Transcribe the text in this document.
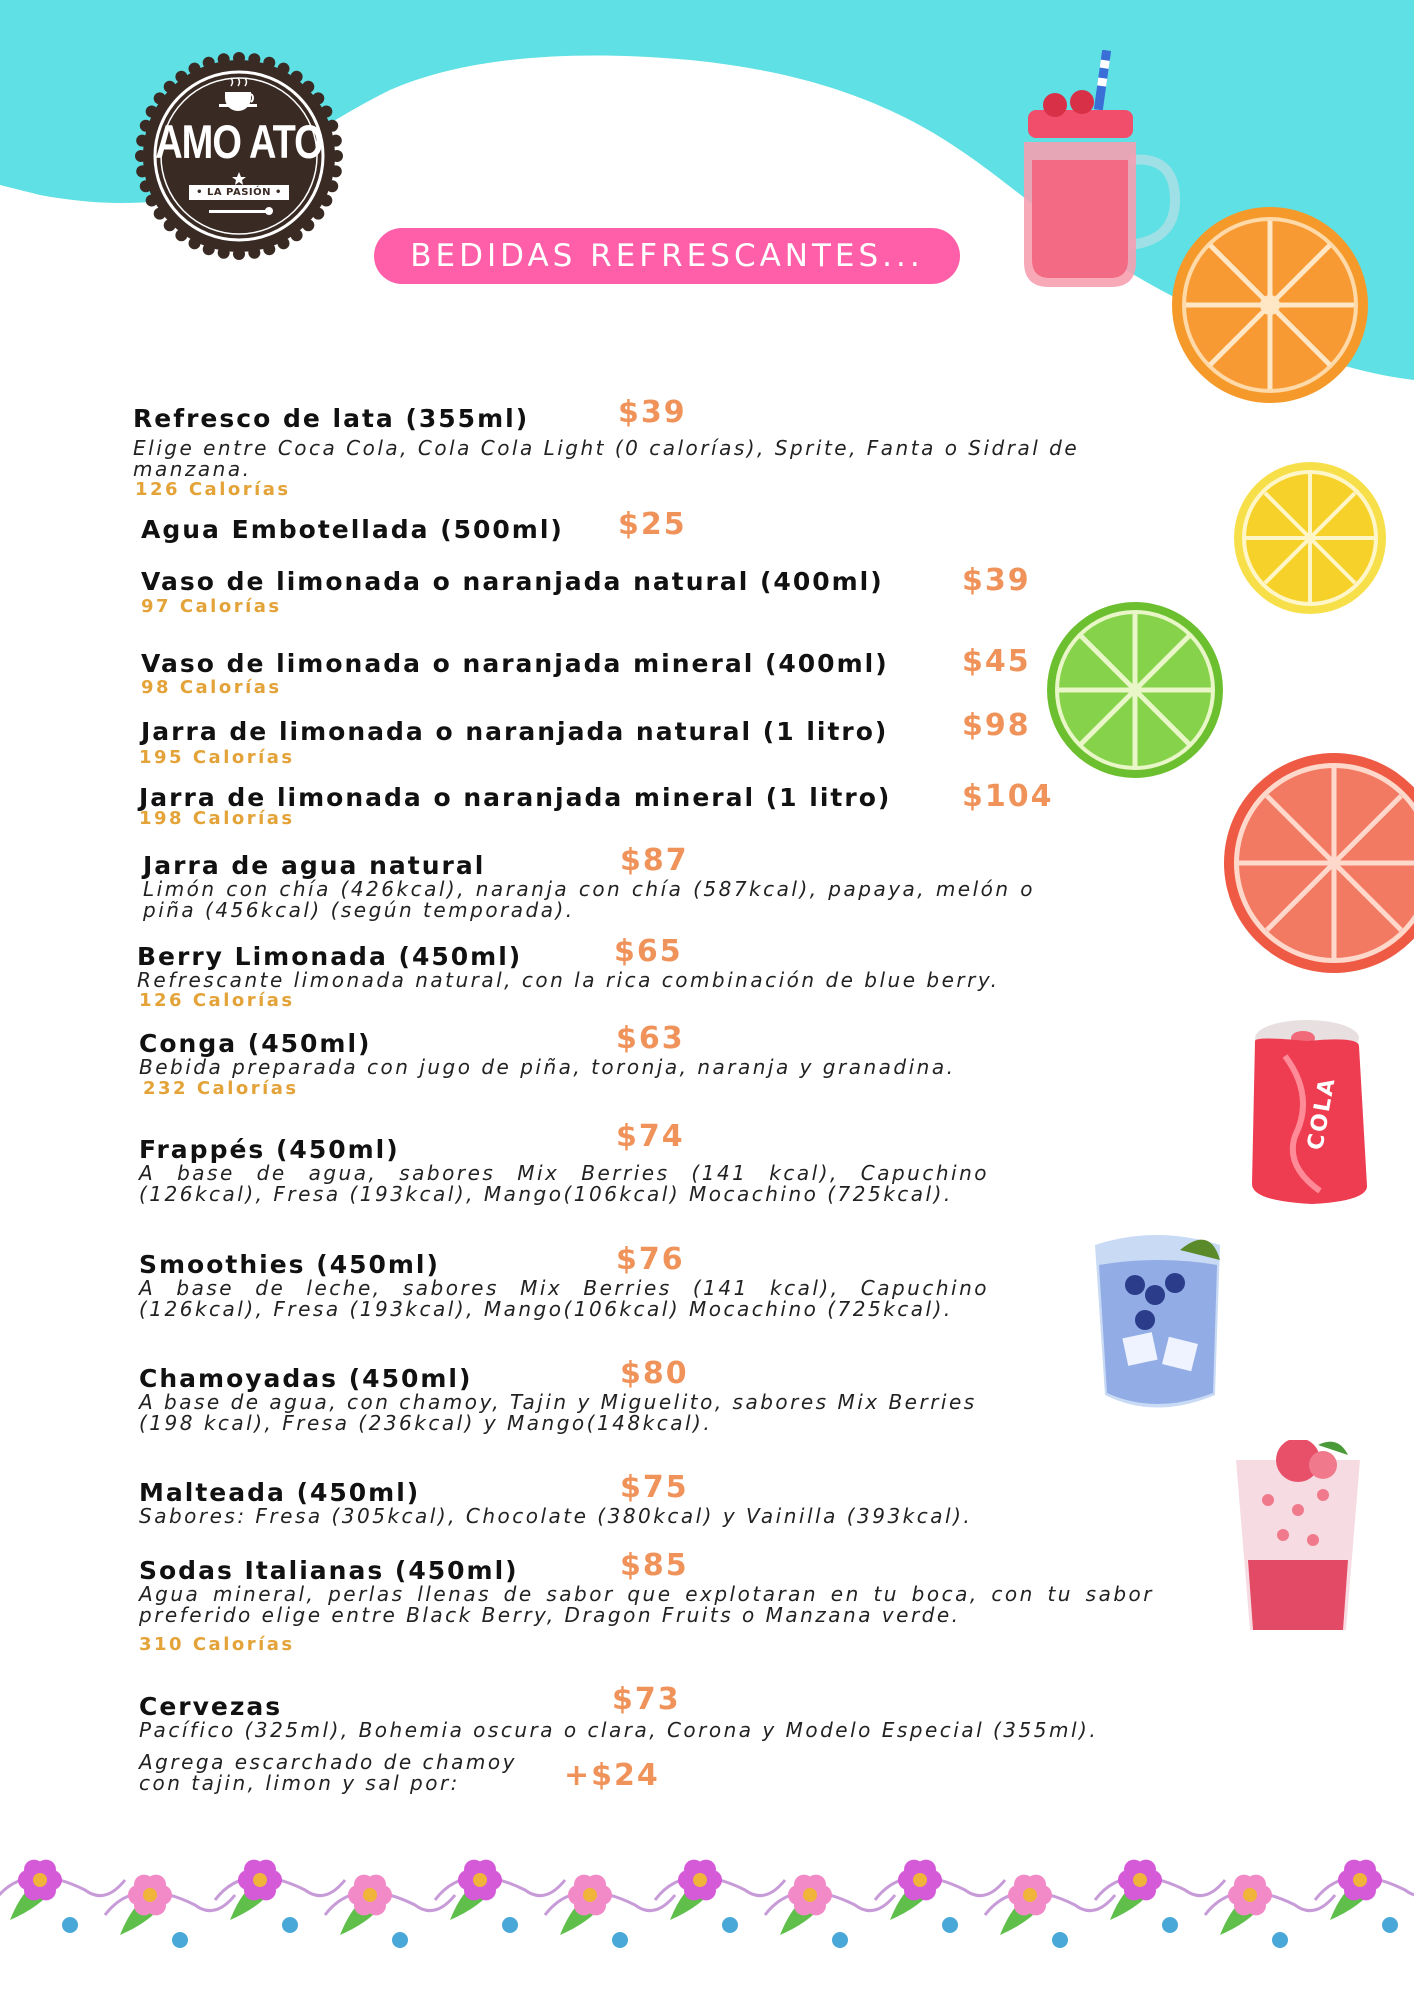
AMO ATO
• LA PASIÓN •
BEDIDAS REFRESCANTES...
Refresco de lata (355ml)	$39
Elige entre Coca Cola, Cola Cola Light (0 calorías), Sprite, Fanta o Sidral de manzana.
126 Calorías
Agua Embotellada (500ml) $25
Vaso de limonada o naranjada natural (400ml)	$39
97 Calorías
Vaso de limonada o naranjada mineral (400ml) $45
98 Calorías
Jarra de limonada o naranjada natural (1 litro) $98
195 Calorías
Jarra de limonada o naranjada mineral (1 litro) $104
198 Calorías
Jarra de agua natural	$87
Limón con chía (426kcal), naranja con chía (587kcal), papaya, melón o piña (456kcal) (según temporada).
Berry Limonada (450ml)	$65
Refrescante limonada natural, con la rica combinación de blue berry.
126 Calorías
Conga (450ml)	$63
Bebida preparada con jugo de piña, toronja, naranja y granadina.
232 Calorías
Frappés (450ml)	$74
A base de agua, sabores Mix Berries (141 kcal), Capuchino (126kcal), Fresa (193kcal), Mango(106kcal) Mocachino (725kcal).
Smoothies (450ml)	$76
A base de leche, sabores Mix Berries (141 kcal), Capuchino (126kcal), Fresa (193kcal), Mango(106kcal) Mocachino (725kcal).
Chamoyadas (450ml)	$80
A base de agua, con chamoy, Tajin y Miguelito, sabores Mix Berries (198 kcal), Fresa (236kcal) y Mango(148kcal).
Malteada (450ml)	$75
Sabores: Fresa (305kcal), Chocolate (380kcal) y Vainilla (393kcal).
Sodas Italianas (450ml)	$85
Agua mineral, perlas llenas de sabor que explotaran en tu boca, con tu sabor preferido elige entre Black Berry, Dragon Fruits o Manzana verde.
310 Calorías
Cervezas	$73
Pacífico (325ml), Bohemia oscura o clara, Corona y Modelo Especial (355ml).
Agrega escarchado de chamoy con tajin, limon y sal por:	+$24
COLA
